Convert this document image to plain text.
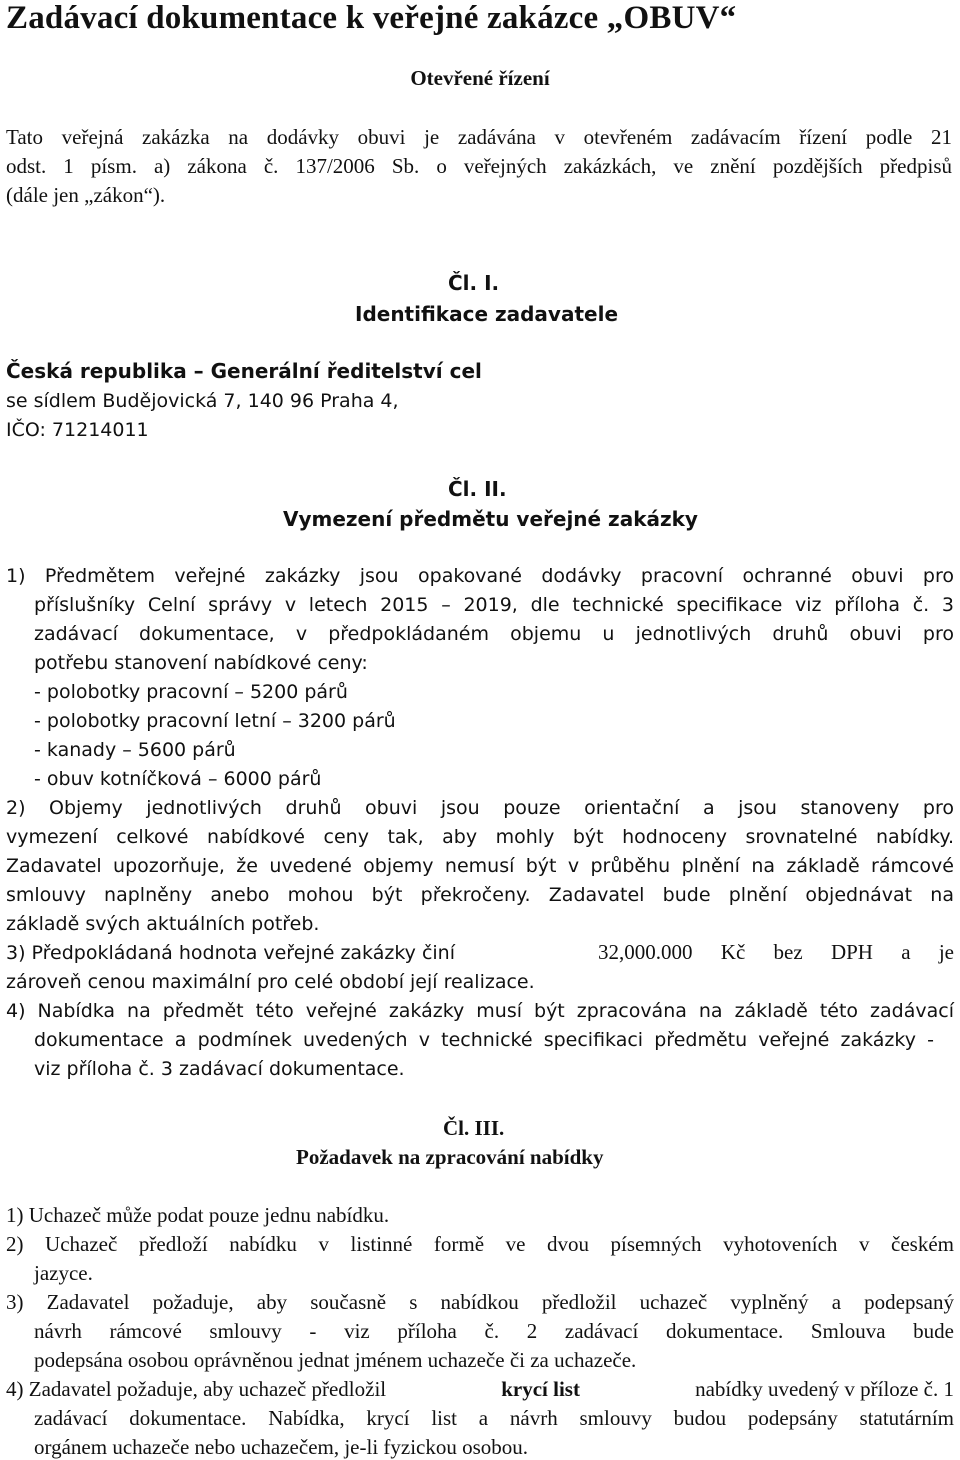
Zadávací dokumentace k veřejné zakázce „OBUV“
Otevřené řízení
Tato veřejná zakázka na dodávky obuvi je zadávána v otevřeném zadávacím řízení podle 21
odst. 1 písm. a) zákona č. 137/2006 Sb. o veřejných zakázkách, ve znění pozdějších předpisů
(dále jen „zákon“).
Čl. I.
Identifikace zadavatele
Česká republika – Generální ředitelství cel
se sídlem Budějovická 7, 140 96 Praha 4,
IČO: 71214011
Čl. II.
Vymezení předmětu veřejné zakázky
1) Předmětem veřejné zakázky jsou opakované dodávky pracovní ochranné obuvi pro
příslušníky Celní správy v letech 2015 – 2019, dle technické specifikace viz příloha č. 3
zadávací dokumentace, v předpokládaném objemu u jednotlivých druhů obuvi pro
potřebu stanovení nabídkové ceny:
- polobotky pracovní – 5200 párů
- polobotky pracovní letní – 3200 párů
- kanady – 5600 párů
- obuv kotníčková – 6000 párů
2) Objemy jednotlivých druhů obuvi jsou pouze orientační a jsou stanoveny pro
vymezení celkové nabídkové ceny tak, aby mohly být hodnoceny srovnatelné nabídky.
Zadavatel upozorňuje, že uvedené objemy nemusí být v průběhu plnění na základě rámcové
smlouvy naplněny anebo mohou být překročeny. Zadavatel bude plnění objednávat na
základě svých aktuálních potřeb.
3) Předpokládaná hodnota veřejné zakázky činí	32,000.000 Kč bez DPH a je
zároveň cenou maximální pro celé období její realizace.
4) Nabídka na předmět této veřejné zakázky musí být zpracována na základě této zadávací
dokumentace a podmínek uvedených v technické specifikaci předmětu veřejné zakázky -
viz příloha č. 3 zadávací dokumentace.
Čl. III.
Požadavek na zpracování nabídky
1) Uchazeč může podat pouze jednu nabídku.
2) Uchazeč předloží nabídku v listinné formě ve dvou písemných vyhotoveních v českém
jazyce.
3) Zadavatel požaduje, aby současně s nabídkou předložil uchazeč vyplněný a podepsaný
návrh rámcové smlouvy - viz příloha č. 2 zadávací dokumentace. Smlouva bude
podepsána osobou oprávněnou jednat jménem uchazeče či za uchazeče.
4) Zadavatel požaduje, aby uchazeč předložil	krycí list	nabídky uvedený v příloze č. 1
zadávací dokumentace. Nabídka, krycí list a návrh smlouvy budou podepsány statutárním
orgánem uchazeče nebo uchazečem, je-li fyzickou osobou.
